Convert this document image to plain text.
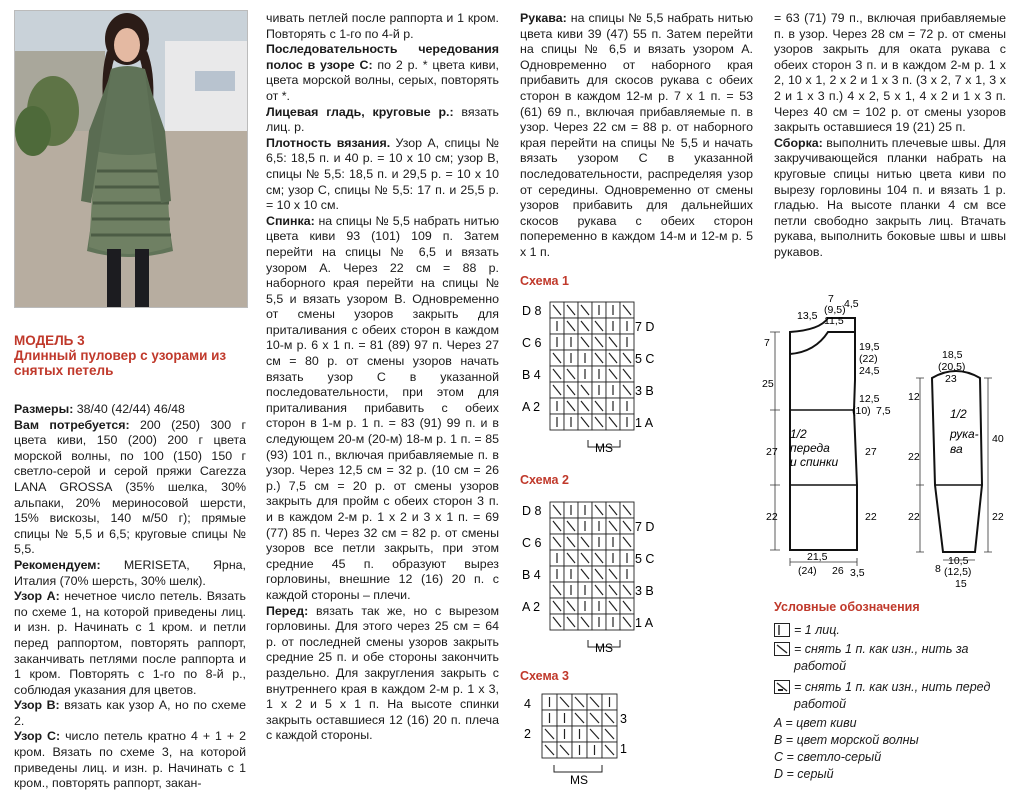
МОДЕЛЬ 3
Длинный пуловер с узорами из снятых петель

Размеры: 38/40 (42/44) 46/48

Вам потребуется: 200 (250) 300 г цвета киви, 150 (200) 200 г цвета морской волны, по 100 (150) 150 г светло-серой и серой пряжи Carezza LANA GROSSA (35% шелка, 30% альпаки, 20% мериносовой шерсти, 15% вискозы, 140 м/50 г); прямые спицы № 5,5 и 6,5; круговые спицы № 5,5.

Рекомендуем: MERISETA, Ярна, Италия (70% шерсть, 30% шелк).

Узор А: нечетное число петель. Вязать по схеме 1, на которой приведены лиц. и изн. р. Начинать с 1 кром. и петли перед раппортом, повторять раппорт, заканчивать петлями после раппорта и 1 кром. Повторять с 1-го по 8-й р., соблюдая указания для цветов.

Узор В: вязать как узор А, но по схеме 2.

Узор С: число петель кратно 4 + 1 + 2 кром. Вязать по схеме 3, на которой приведены лиц. и изн. р. Начинать с 1 кром., повторять раппорт, закан-

чивать петлей после раппорта и 1 кром. Повторять с 1-го по 4-й р.

Последовательность чередования полос в узоре С: по 2 р. * цвета киви, цвета морской волны, серых, повторять от *.

Лицевая гладь, круговые р.: вязать лиц. р.

Плотность вязания. Узор А, спицы № 6,5: 18,5 п. и 40 р. = 10 х 10 см; узор В, спицы № 5,5: 18,5 п. и 29,5 р. = 10 х 10 см; узор С, спицы № 5,5: 17 п. и 25,5 р. = 10 х 10 см.

Спинка: на спицы № 5,5 набрать нитью цвета киви 93 (101) 109 п. Затем перейти на спицы № 6,5 и вязать узором А. Через 22 см = 88 р. наборного края перейти на спицы № 5,5 и вязать узором В. Одновременно от смены узоров закрыть для приталивания с обеих сторон в каждом 10-м р. 6 х 1 п. = 81 (89) 97 п. Через 27 см = 80 р. от смены узоров начать вязать узор С в указанной последовательности, при этом для приталивания прибавить с обеих сторон в 1-м р. 1 п. = 83 (91) 99 п. и в следующем 20-м (20-м) 18-м р. 1 п. = 85 (93) 101 п., включая прибавляемые п. в узор. Через 12,5 см = 32 р. (10 см = 26 р.) 7,5 см = 20 р. от смены узоров закрыть для пройм с обеих сторон 3 п. и в каждом 2-м р. 1 х 2 и 3 х 1 п. = 69 (77) 85 п. Через 32 см = 82 р. от смены узоров все петли закрыть, при этом средние 45 п. образуют вырез горловины, внешние 12 (16) 20 п. с каждой стороны – плечи.

Перед: вязать так же, но с вырезом горловины. Для этого через 25 см = 64 р. от последней смены узоров закрыть средние 25 п. и обе стороны закончить раздельно. Для закругления закрыть с внутреннего края в каждом 2-м р. 1 х 3, 1 х 2 и 5 х 1 п. На высоте спинки закрыть оставшиеся 12 (16) 20 п. плеча с каждой стороны.

Рукава: на спицы № 5,5 набрать нитью цвета киви 39 (47) 55 п. Затем перейти на спицы № 6,5 и вязать узором А. Одновременно от наборного края прибавить для скосов рукава с обеих сторон в каждом 12-м р. 7 х 1 п. = 53 (61) 69 п., включая прибавляемые п. в узор. Через 22 см = 88 р. от наборного края перейти на спицы № 5,5 и начать вязать узором С в указанной последовательности, распределяя узор от середины. Одновременно от смены узоров прибавить для дальнейших скосов рукава с обеих сторон попеременно в каждом 14-м и 12-м р. 5 х 1 п.

= 63 (71) 79 п., включая прибавляемые п. в узор. Через 28 см = 72 р. от смены узоров закрыть для оката рукава с обеих сторон 3 п. и в каждом 2-м р. 1 х 2, 10 х 1, 2 х 2 и 1 х 3 п. (3 х 2, 7 х 1, 3 х 2 и 1 х 3 п.) 4 х 2, 5 х 1, 4 х 2 и 1 х 3 п. Через 40 см = 102 р. от смены узоров закрыть оставшиеся 19 (21) 25 п.

Сборка: выполнить плечевые швы. Для закручивающейся планки набрать на круговые спицы нитью цвета киви по вырезу горловины 104 п. и вязать 1 р. гладью. На высоте планки 4 см все петли свободно закрыть лиц. Втачать рукава, выполнить боковые швы и швы рукавов.

Схема 1
D 8
C 6
B 4
A 2
7 D
5 C
3 B
1 A
MS
Схема 2
D 8
C 6
B 4
A 2
7 D
5 C
3 B
1 A
MS
Схема 3
4
2
3
1
MS
1/2
переда
и спинки
1/2
рука-
ва
7
(9,5)
11,5
4,5
13,5
7	19,5
(22)
24,5
25
12,5
(10) 7,5
27	27
22	22
21,5
(24) 26 3,5
18,5
(20,5)
23
12
40
22
22	22
8
10,5
(12,5)
15
Условные обозначения
= 1 лиц.
= снять 1 п. как изн., нить за работой
= снять 1 п. как изн., нить перед работой
A = цвет киви
B = цвет морской волны
C = светло-серый
D = серый
